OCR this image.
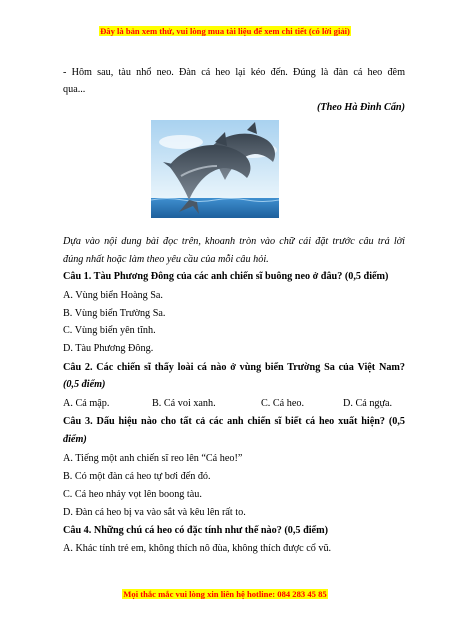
Đây là bản xem thử, vui lòng mua tài liệu để xem chi tiết (có lời giải)
- Hôm sau, tàu nhổ neo. Đàn cá heo lại kéo đến. Đúng là đàn cá heo đêm
qua...
(Theo Hà Đình Cẩn)
Dựa vào nội dung bài đọc trên, khoanh tròn vào chữ cái đặt trước câu trả lời
đúng nhất hoặc làm theo yêu cầu của mỗi câu hỏi.
Câu 1. Tàu Phương Đông của các anh chiến sĩ buông neo ở đâu? (0,5 điểm)
A. Vùng biển Hoàng Sa.
B. Vùng biển Trường Sa.
C. Vùng biển yên tĩnh.
D. Tàu Phương Đông.
Câu 2. Các chiến sĩ thấy loài cá nào ở vùng biển Trường Sa của Việt Nam?
(0,5 điểm)
A. Cá mập.	B. Cá voi xanh.	C. Cá heo.	D. Cá ngựa.
Câu 3. Dấu hiệu nào cho tất cả các anh chiến sĩ biết cá heo xuất hiện? (0,5
điểm)
A. Tiếng một anh chiến sĩ reo lên “Cá heo!”
B. Có một đàn cá heo tự bơi đến đó.
C. Cá heo nhảy vọt lên boong tàu.
D. Đàn cá heo bị va vào sắt và kêu lên rất to.
Câu 4. Những chú cá heo có đặc tính như thế nào? (0,5 điểm)
A. Khác tính trẻ em, không thích nô đùa, không thích được cổ vũ.
Mọi thắc mắc vui lòng xin liên hệ hotline: 084 283 45 85
